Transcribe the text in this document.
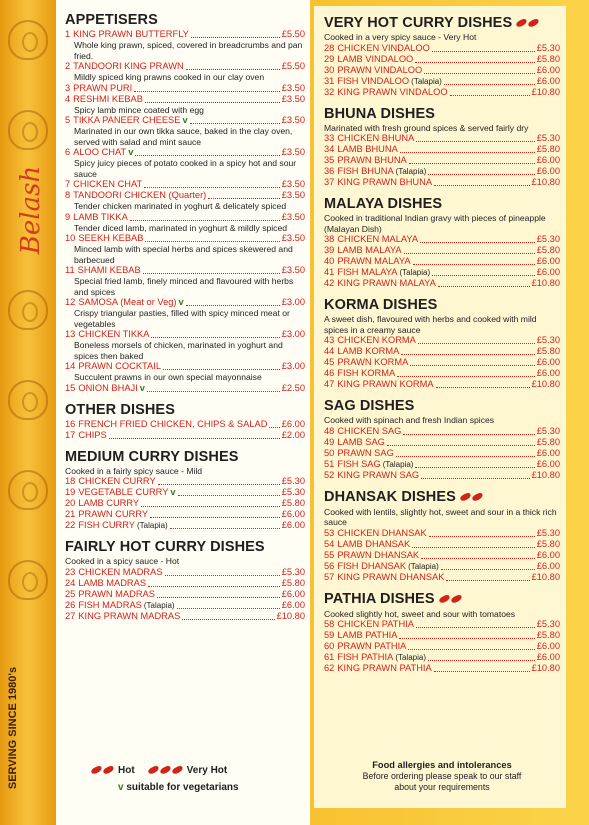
Belash
SERVING SINCE 1980's
APPETISERS
1 KING PRAWN BUTTERFLY	£5.50
Whole king prawn, spiced, covered in breadcrumbs and pan fried.
2 TANDOORI KING PRAWN	£5.50
Mildly spiced king prawns cooked in our clay oven
3 PRAWN PURI	£3.50
4 RESHMI KEBAB	£3.50
Spicy lamb mince coated with egg
5 TIKKA PANEER CHEESE v	£3.50
Marinated in our own tikka sauce, baked in the clay oven, served with salad and mint sauce
6 ALOO CHAT v	£3.50
Spicy juicy pieces of potato cooked in a spicy hot and sour sauce
7 CHICKEN CHAT	£3.50
8 TANDOORI CHICKEN (Quarter)	£3.50
Tender chicken marinated in yoghurt & delicately spiced
9 LAMB TIKKA	£3.50
Tender diced lamb, marinated in yoghurt & mildly spiced
10 SEEKH KEBAB	£3.50
Minced lamb with special herbs and spices skewered and barbecued
11 SHAMI KEBAB	£3.50
Special fried lamb, finely minced and flavoured with herbs and spices
12 SAMOSA (Meat or Veg) v	£3.00
Crispy triangular pasties, filled with spicy minced meat or vegetables
13 CHICKEN TIKKA	£3.00
Boneless morsels of chicken, marinated in yoghurt and spices then baked
14 PRAWN COCKTAIL	£3.00
Succulent prawns in our own special mayonnaise
15 ONION BHAJI v	£2.50
OTHER DISHES
16 FRENCH FRIED CHICKEN, CHIPS & SALAD £6.00
17 CHIPS	£2.00
MEDIUM CURRY DISHES
Cooked in a fairly spicy sauce - Mild
18 CHICKEN CURRY	£5.30
19 VEGETABLE CURRY v	£5.30
20 LAMB CURRY	£5.80
21 PRAWN CURRY	£6.00
22 FISH CURRY (Talapia)	£6.00
FAIRLY HOT CURRY DISHES
Cooked in a spicy sauce - Hot
23 CHICKEN MADRAS	£5.30
24 LAMB MADRAS	£5.80
25 PRAWN MADRAS	£6.00
26 FISH MADRAS (Talapia)	£6.00
27 KING PRAWN MADRAS	£10.80
VERY HOT CURRY DISHES
Cooked in a very spicy sauce - Very Hot
28 CHICKEN VINDALOO	£5.30
29 LAMB VINDALOO	£5.80
30 PRAWN VINDALOO	£6.00
31 FISH VINDALOO (Talapia)	£6.00
32 KING PRAWN VINDALOO	£10.80
BHUNA DISHES
Marinated with fresh ground spices & served fairly dry
33 CHICKEN BHUNA	£5.30
34 LAMB BHUNA	£5.80
35 PRAWN BHUNA	£6.00
36 FISH BHUNA (Talapia)	£6.00
37 KING PRAWN BHUNA	£10.80
MALAYA DISHES
Cooked in traditional Indian gravy with pieces of pineapple (Malayan Dish)
38 CHICKEN MALAYA	£5.30
39 LAMB MALAYA	£5.80
40 PRAWN MALAYA	£6.00
41 FISH MALAYA (Talapia)	£6.00
42 KING PRAWN MALAYA	£10.80
KORMA DISHES
A sweet dish, flavoured with herbs and cooked with mild spices in a creamy sauce
43 CHICKEN KORMA	£5.30
44 LAMB KORMA	£5.80
45 PRAWN KORMA	£6.00
46 FISH KORMA	£6.00
47 KING PRAWN KORMA	£10.80
SAG DISHES
Cooked with spinach and fresh Indian spices
48 CHICKEN SAG	£5.30
49 LAMB SAG	£5.80
50 PRAWN SAG	£6.00
51 FISH SAG (Talapia)	£6.00
52 KING PRAWN SAG	£10.80
DHANSAK DISHES
Cooked with lentils, slightly hot, sweet and sour in a thick rich sauce
53 CHICKEN DHANSAK	£5.30
54 LAMB DHANSAK	£5.80
55 PRAWN DHANSAK	£6.00
56 FISH DHANSAK (Talapia)	£6.00
57 KING PRAWN DHANSAK	£10.80
PATHIA DISHES
Cooked slightly hot, sweet and sour with tomatoes
58 CHICKEN PATHIA	£5.30
59 LAMB PATHIA	£5.80
60 PRAWN PATHIA	£6.00
61 FISH PATHIA (Talapia)	£6.00
62 KING PRAWN PATHIA	£10.80
Hot	Very Hot
v suitable for vegetarians
Food allergies and intolerances
Before ordering please speak to our staff
about your requirements
